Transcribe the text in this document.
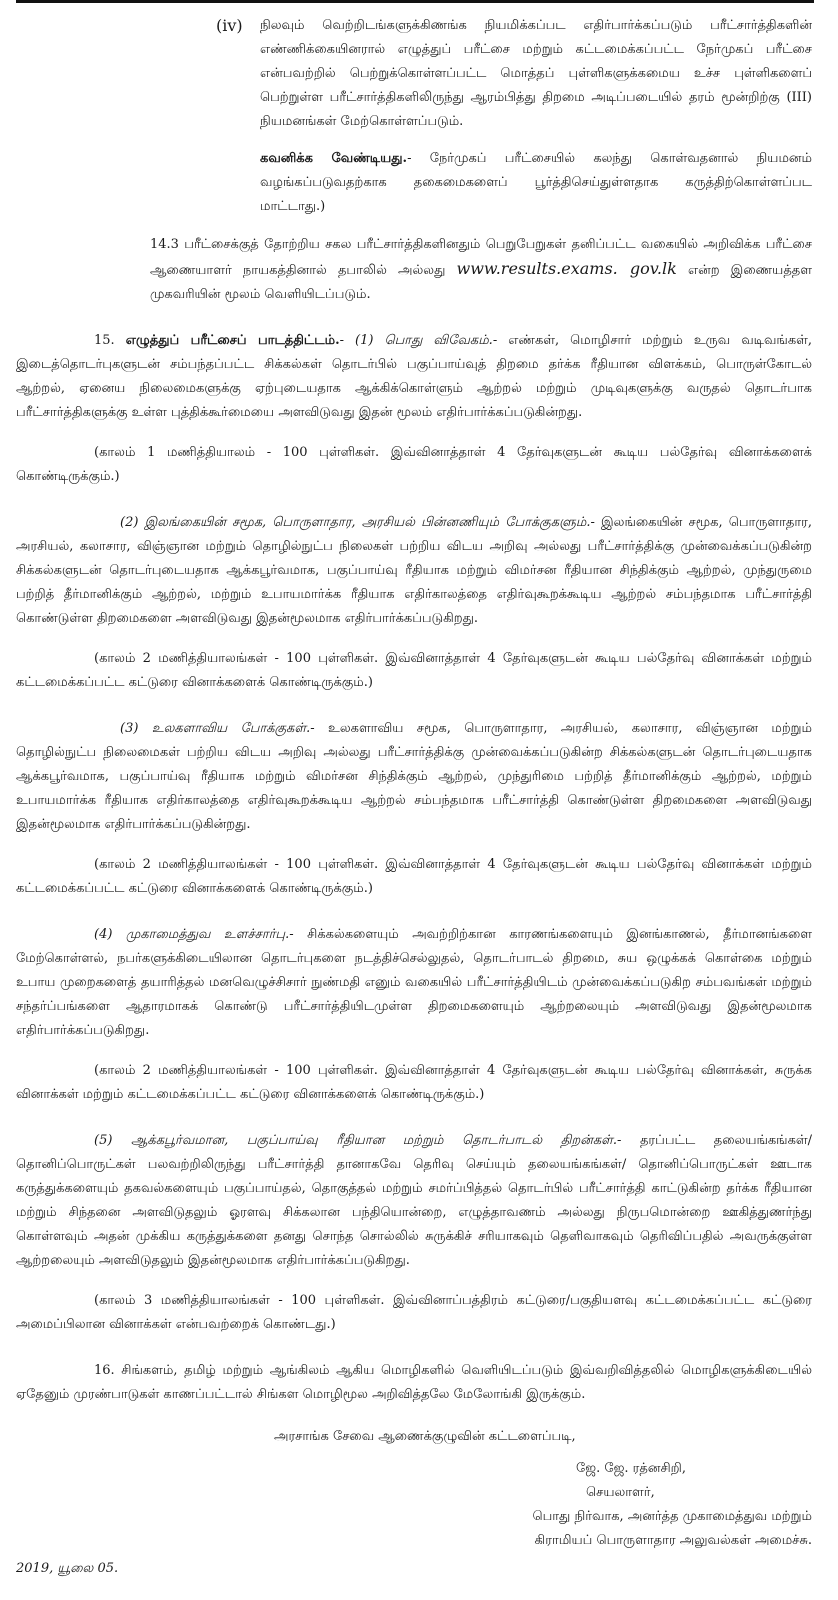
(iv) நிலவும் வெற்றிடங்களுக்கிணங்க நியமிக்கப்பட எதிர்பார்க்கப்படும் பரீட்சார்த்திகளின் எண்ணிக்கையினரால் எழுத்துப் பரீட்சை மற்றும் கட்டமைக்கப்பட்ட நேர்முகப் பரீட்சை என்பவற்றில் பெற்றுக்கொள்ளப்பட்ட மொத்தப் புள்ளிகளுக்கமைய உச்ச புள்ளிகளைப் பெற்றுள்ள பரீட்சார்த்திகளிலிருந்து ஆரம்பித்து திறமை அடிப்படையில் தரம் மூன்றிற்கு (III) நியமனங்கள் மேற்கொள்ளப்படும்.

கவனிக்க வேண்டியது.- நேர்முகப் பரீட்சையில் கலந்து கொள்வதனால் நியமனம் வழங்கப்படுவதற்காக தகைமைகளைப் பூர்த்திசெய்துள்ளதாக கருத்திற்கொள்ளப்பட மாட்டாது.)

14.3 பரீட்சைக்குத் தோற்றிய சகல பரீட்சார்த்திகளினதும் பெறுபேறுகள் தனிப்பட்ட வகையில் அறிவிக்க பரீட்சை ஆணையாளர் நாயகத்தினால் தபாலில் அல்லது www.results.exams. gov.lk என்ற இணையத்தள முகவரியின் மூலம் வெளியிடப்படும்.

15. எழுத்துப் பரீட்சைப் பாடத்திட்டம்.- (1) பொது விவேகம்.- எண்கள், மொழிசார் மற்றும் உருவ வடிவங்கள், இடைத்தொடர்புகளுடன் சம்பந்தப்பட்ட சிக்கல்கள் தொடர்பில் பகுப்பாய்வுத் திறமை தர்க்க ரீதியான விளக்கம், பொருள்கோடல் ஆற்றல், ஏனைய நிலைமைகளுக்கு ஏற்புடையதாக ஆக்கிக்கொள்ளும் ஆற்றல் மற்றும் முடிவுகளுக்கு வருதல் தொடர்பாக பரீட்சார்த்திகளுக்கு உள்ள புத்திக்கூர்மையை அளவிடுவது இதன் மூலம் எதிர்பார்க்கப்படுகின்றது.

(காலம் 1 மணித்தியாலம் - 100 புள்ளிகள். இவ்வினாத்தாள் 4 தேர்வுகளுடன் கூடிய பல்தேர்வு வினாக்களைக் கொண்டிருக்கும்.)

(2) இலங்கையின் சமூக, பொருளாதார, அரசியல் பின்னணியும் போக்குகளும்.- இலங்கையின் சமூக, பொருளாதார, அரசியல், கலாசார, விஞ்ஞான மற்றும் தொழில்நுட்ப நிலைகள் பற்றிய விடய அறிவு அல்லது பரீட்சார்த்திக்கு முன்வைக்கப்படுகின்ற சிக்கல்களுடன் தொடர்புடையதாக ஆக்கபூர்வமாக, பகுப்பாய்வு ரீதியாக மற்றும் விமர்சன ரீதியான சிந்திக்கும் ஆற்றல், முந்துருமை பற்றித் தீர்மானிக்கும் ஆற்றல், மற்றும் உபாயமார்க்க ரீதியாக எதிர்காலத்தை எதிர்வுகூறக்கூடிய ஆற்றல் சம்பந்தமாக பரீட்சார்த்தி கொண்டுள்ள திறமைகளை அளவிடுவது இதன்மூலமாக எதிர்பார்க்கப்படுகிறது.

(காலம் 2 மணித்தியாலங்கள் - 100 புள்ளிகள். இவ்வினாத்தாள் 4 தேர்வுகளுடன் கூடிய பல்தேர்வு வினாக்கள் மற்றும் கட்டமைக்கப்பட்ட கட்டுரை வினாக்களைக் கொண்டிருக்கும்.)

(3) உலகளாவிய போக்குகள்.- உலகளாவிய சமூக, பொருளாதார, அரசியல், கலாசார, விஞ்ஞான மற்றும் தொழில்நுட்ப நிலைமைகள் பற்றிய விடய அறிவு அல்லது பரீட்சார்த்திக்கு முன்வைக்கப்படுகின்ற சிக்கல்களுடன் தொடர்புடையதாக ஆக்கபூர்வமாக, பகுப்பாய்வு ரீதியாக மற்றும் விமர்சன சிந்திக்கும் ஆற்றல், முந்துரிமை பற்றித் தீர்மானிக்கும் ஆற்றல், மற்றும் உபாயமார்க்க ரீதியாக எதிர்காலத்தை எதிர்வுகூறக்கூடிய ஆற்றல் சம்பந்தமாக பரீட்சார்த்தி கொண்டுள்ள திறமைகளை அளவிடுவது இதன்மூலமாக எதிர்பார்க்கப்படுகின்றது.

(காலம் 2 மணித்தியாலங்கள் - 100 புள்ளிகள். இவ்வினாத்தாள் 4 தேர்வுகளுடன் கூடிய பல்தேர்வு வினாக்கள் மற்றும் கட்டமைக்கப்பட்ட கட்டுரை வினாக்களைக் கொண்டிருக்கும்.)

(4) முகாமைத்துவ உளச்சார்பு.- சிக்கல்களையும் அவற்றிற்கான காரணங்களையும் இனங்காணல், தீர்மானங்களை மேற்கொள்ளல், நபர்களுக்கிடையிலான தொடர்புகளை நடத்திச்செல்லுதல், தொடர்பாடல் திறமை, சுய ஒழுக்கக் கொள்கை மற்றும் உபாய முறைகளைத் தயாரித்தல் மனவெழுச்சிசார் நுண்மதி எனும் வகையில் பரீட்சார்த்தியிடம் முன்வைக்கப்படுகிற சம்பவங்கள் மற்றும் சந்தர்ப்பங்களை ஆதாரமாகக் கொண்டு பரீட்சார்த்தியிடமுள்ள திறமைகளையும் ஆற்றலையும் அளவிடுவது இதன்மூலமாக எதிர்பார்க்கப்படுகிறது.

(காலம் 2 மணித்தியாலங்கள் - 100 புள்ளிகள். இவ்வினாத்தாள் 4 தேர்வுகளுடன் கூடிய பல்தேர்வு வினாக்கள், சுருக்க வினாக்கள் மற்றும் கட்டமைக்கப்பட்ட கட்டுரை வினாக்களைக் கொண்டிருக்கும்.)

(5) ஆக்கபூர்வமான, பகுப்பாய்வு ரீதியான மற்றும் தொடர்பாடல் திறன்கள்.- தரப்பட்ட தலையங்கங்கள்/ தொனிப்பொருட்கள் பலவற்றிலிருந்து பரீட்சார்த்தி தானாகவே தெரிவு செய்யும் தலையங்கங்கள்/ தொனிப்பொருட்கள் ஊடாக கருத்துக்களையும் தகவல்களையும் பகுப்பாய்தல், தொகுத்தல் மற்றும் சமர்ப்பித்தல் தொடர்பில் பரீட்சார்த்தி காட்டுகின்ற தர்க்க ரீதியான மற்றும் சிந்தனை அளவிடுதலும் ஓரளவு சிக்கலான பந்தியொன்றை, எழுத்தாவணம் அல்லது நிருபமொன்றை ஊகித்துணர்ந்து கொள்ளவும் அதன் முக்கிய கருத்துக்களை தனது சொந்த சொல்லில் சுருக்கிச் சரியாகவும் தெளிவாகவும் தெரிவிப்பதில் அவருக்குள்ள ஆற்றலையும் அளவிடுதலும் இதன்மூலமாக எதிர்பார்க்கப்படுகிறது.

(காலம் 3 மணித்தியாலங்கள் - 100 புள்ளிகள். இவ்வினாப்பத்திரம் கட்டுரை/பகுதியளவு கட்டமைக்கப்பட்ட கட்டுரை அமைப்பிலான வினாக்கள் என்பவற்றைக் கொண்டது.)

16. சிங்களம், தமிழ் மற்றும் ஆங்கிலம் ஆகிய மொழிகளில் வெளியிடப்படும் இவ்வறிவித்தலில் மொழிகளுக்கிடையில் ஏதேனும் முரண்பாடுகள் காணப்பட்டால் சிங்கள மொழிமூல அறிவித்தலே மேலோங்கி இருக்கும்.

அரசாங்க சேவை ஆணைக்குழுவின் கட்டளைப்படி,

ஜே. ஜே. ரத்னசிறி,

செயலாளர்,

பொது நிர்வாக, அனர்த்த முகாமைத்துவ மற்றும்

கிராமியப் பொருளாதார அலுவல்கள் அமைச்சு.

2019, யூலை 05.
